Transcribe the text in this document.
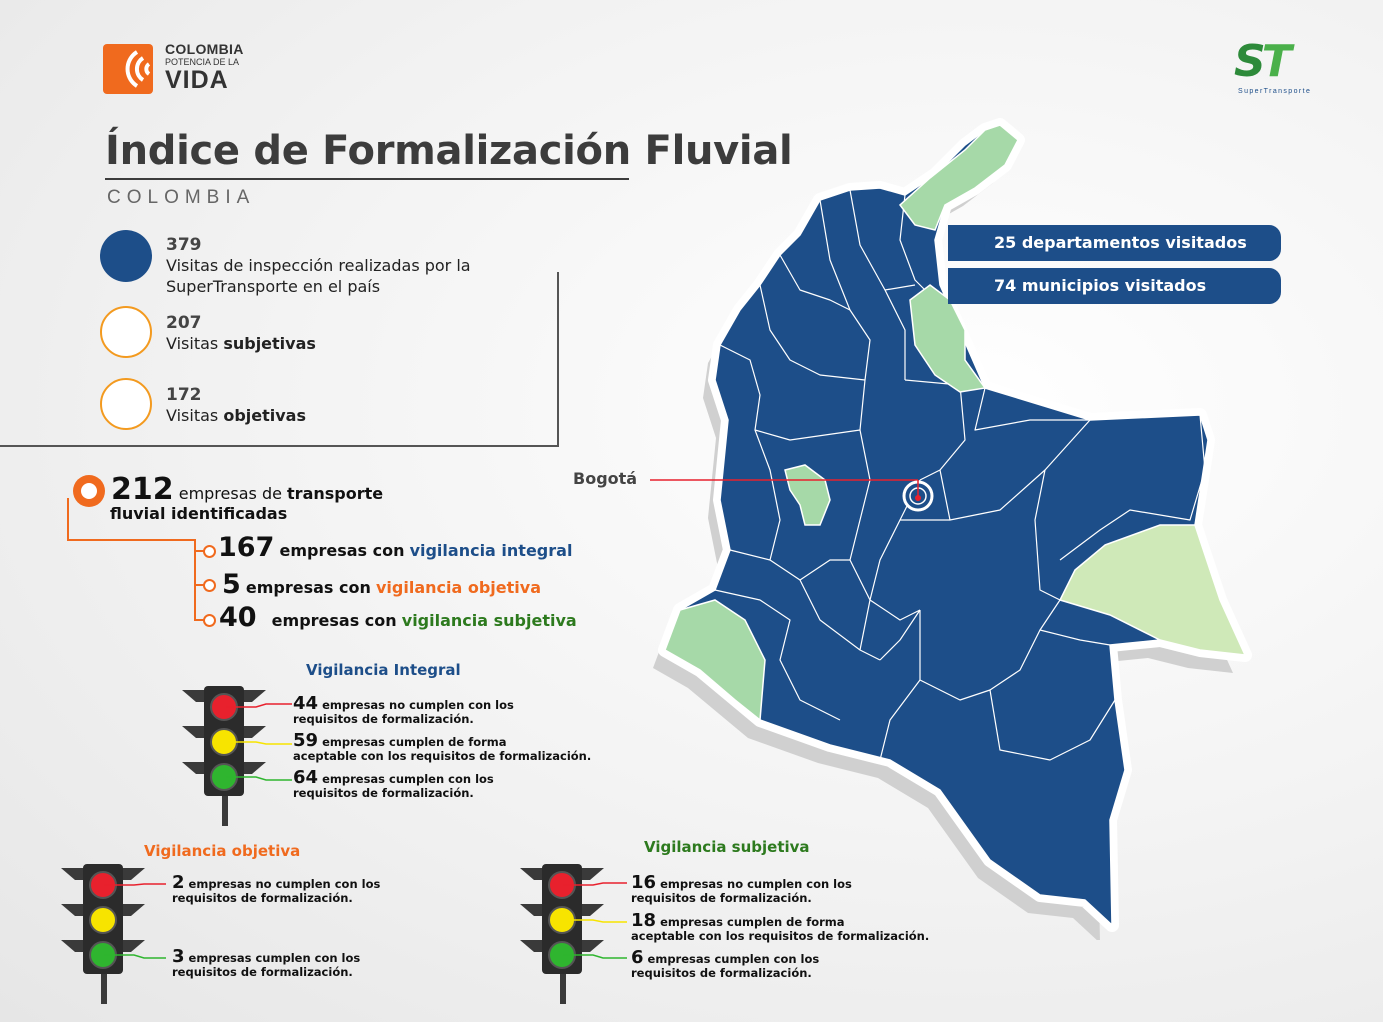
COLOMBIA
POTENCIA DE LA
VIDA	ST
SuperTransporte
Índice de Formalización Fluvial
COLOMBIA
379
Visitas de inspección realizadas por la SuperTransporte en el país
207
Visitas subjetivas
172
Visitas objetivas
212 empresas de transporte
fluvial identificadas
167 empresas con vigilancia integral
5 empresas con vigilancia objetiva
40 empresas con vigilancia subjetiva
Vigilancia Integral
44 empresas no cumplen con los
requisitos de formalización.
59 empresas cumplen de forma
aceptable con los requisitos de formalización.
64 empresas cumplen con los
requisitos de formalización.
Vigilancia objetiva
2 empresas no cumplen con los
requisitos de formalización.
3 empresas cumplen con los
requisitos de formalización.
Vigilancia subjetiva
16 empresas no cumplen con los
requisitos de formalización.
18 empresas cumplen de forma
aceptable con los requisitos de formalización.
6 empresas cumplen con los
requisitos de formalización.
Bogotá
25 departamentos visitados
74 municipios visitados
